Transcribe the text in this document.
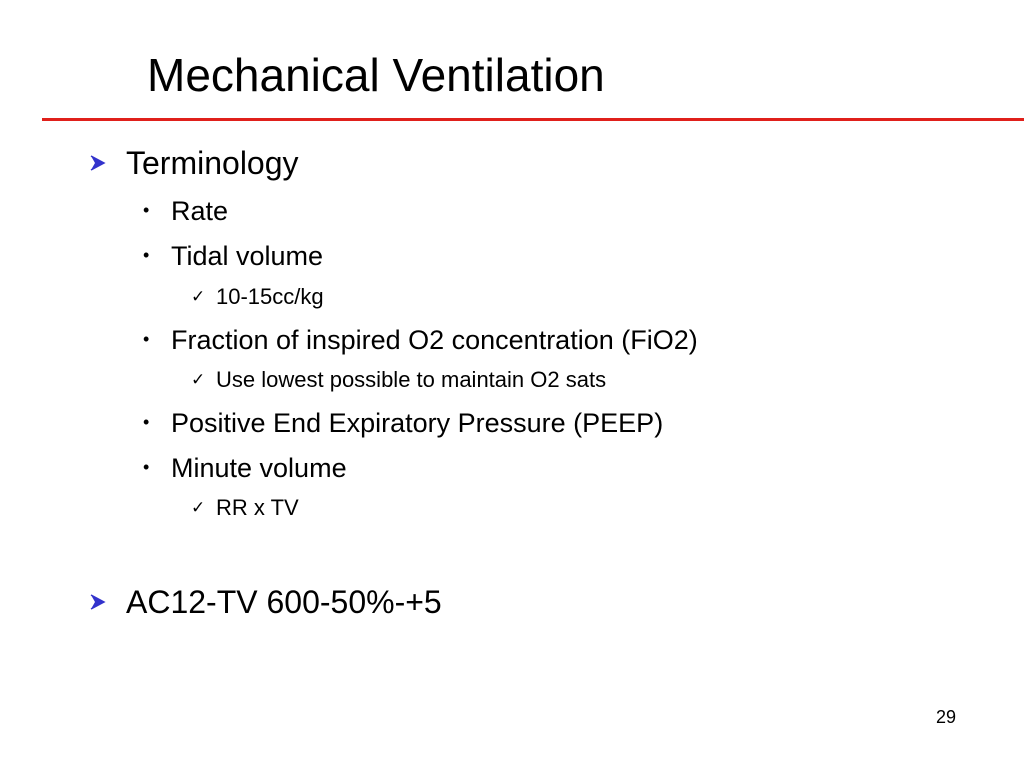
Mechanical Ventilation
Terminology
• Rate
• Tidal volume
✓ 10-15cc/kg
• Fraction of inspired O2 concentration (FiO2)
✓ Use lowest possible to maintain O2 sats
• Positive End Expiratory Pressure (PEEP)
• Minute volume
✓ RR x TV
AC12-TV 600-50%-+5
29
